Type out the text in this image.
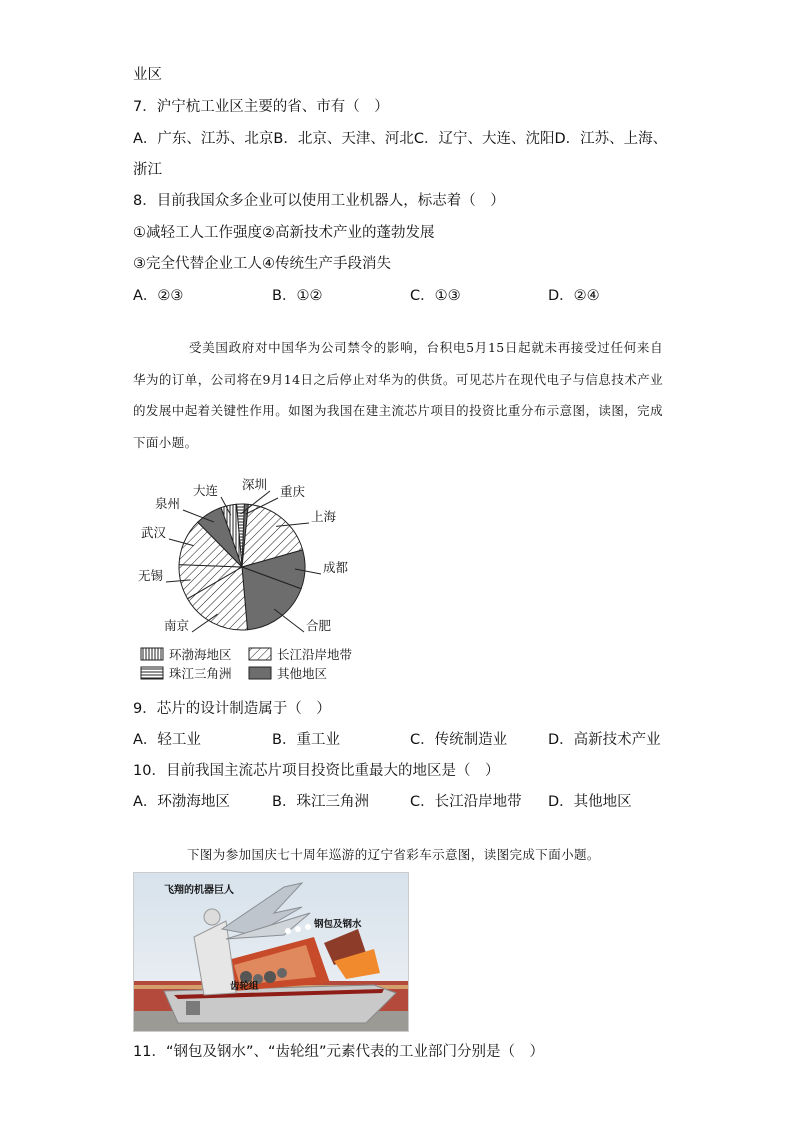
业区
7．沪宁杭工业区主要的省、市有（　）
A．广东、江苏、北京B．北京、天津、河北C．辽宁、大连、沈阳D．江苏、上海、
浙江
8．目前我国众多企业可以使用工业机器人，标志着（　）
①减轻工人工作强度②高新技术产业的蓬勃发展
③完全代替企业工人④传统生产手段消失
A．②③	B．①②	C．①③	D．②④
受美国政府对中国华为公司禁令的影响，台积电5月15日起就未再接受过任何来自华为的订单，公司将在9月14日之后停止对华为的供货。可见芯片在现代电子与信息技术产业的发展中起着关键性作用。如图为我国在建主流芯片项目的投资比重分布示意图，读图，完成下面小题。
深圳 重庆
上海
成都
合肥
南京
无锡
武汉
泉州
大连
环渤海地区	长江沿岸地带
珠江三角洲	其他地区
9．芯片的设计制造属于（　）
A．轻工业	B．重工业	C．传统制造业	D．高新技术产业
10．目前我国主流芯片项目投资比重最大的地区是（　）
A．环渤海地区	B．珠江三角洲	C．长江沿岸地带 D．其他地区
下图为参加国庆七十周年巡游的辽宁省彩车示意图，读图完成下面小题。
飞翔的机器巨人
钢包及钢水
齿轮组
11．“钢包及钢水”、“齿轮组”元素代表的工业部门分别是（　）
